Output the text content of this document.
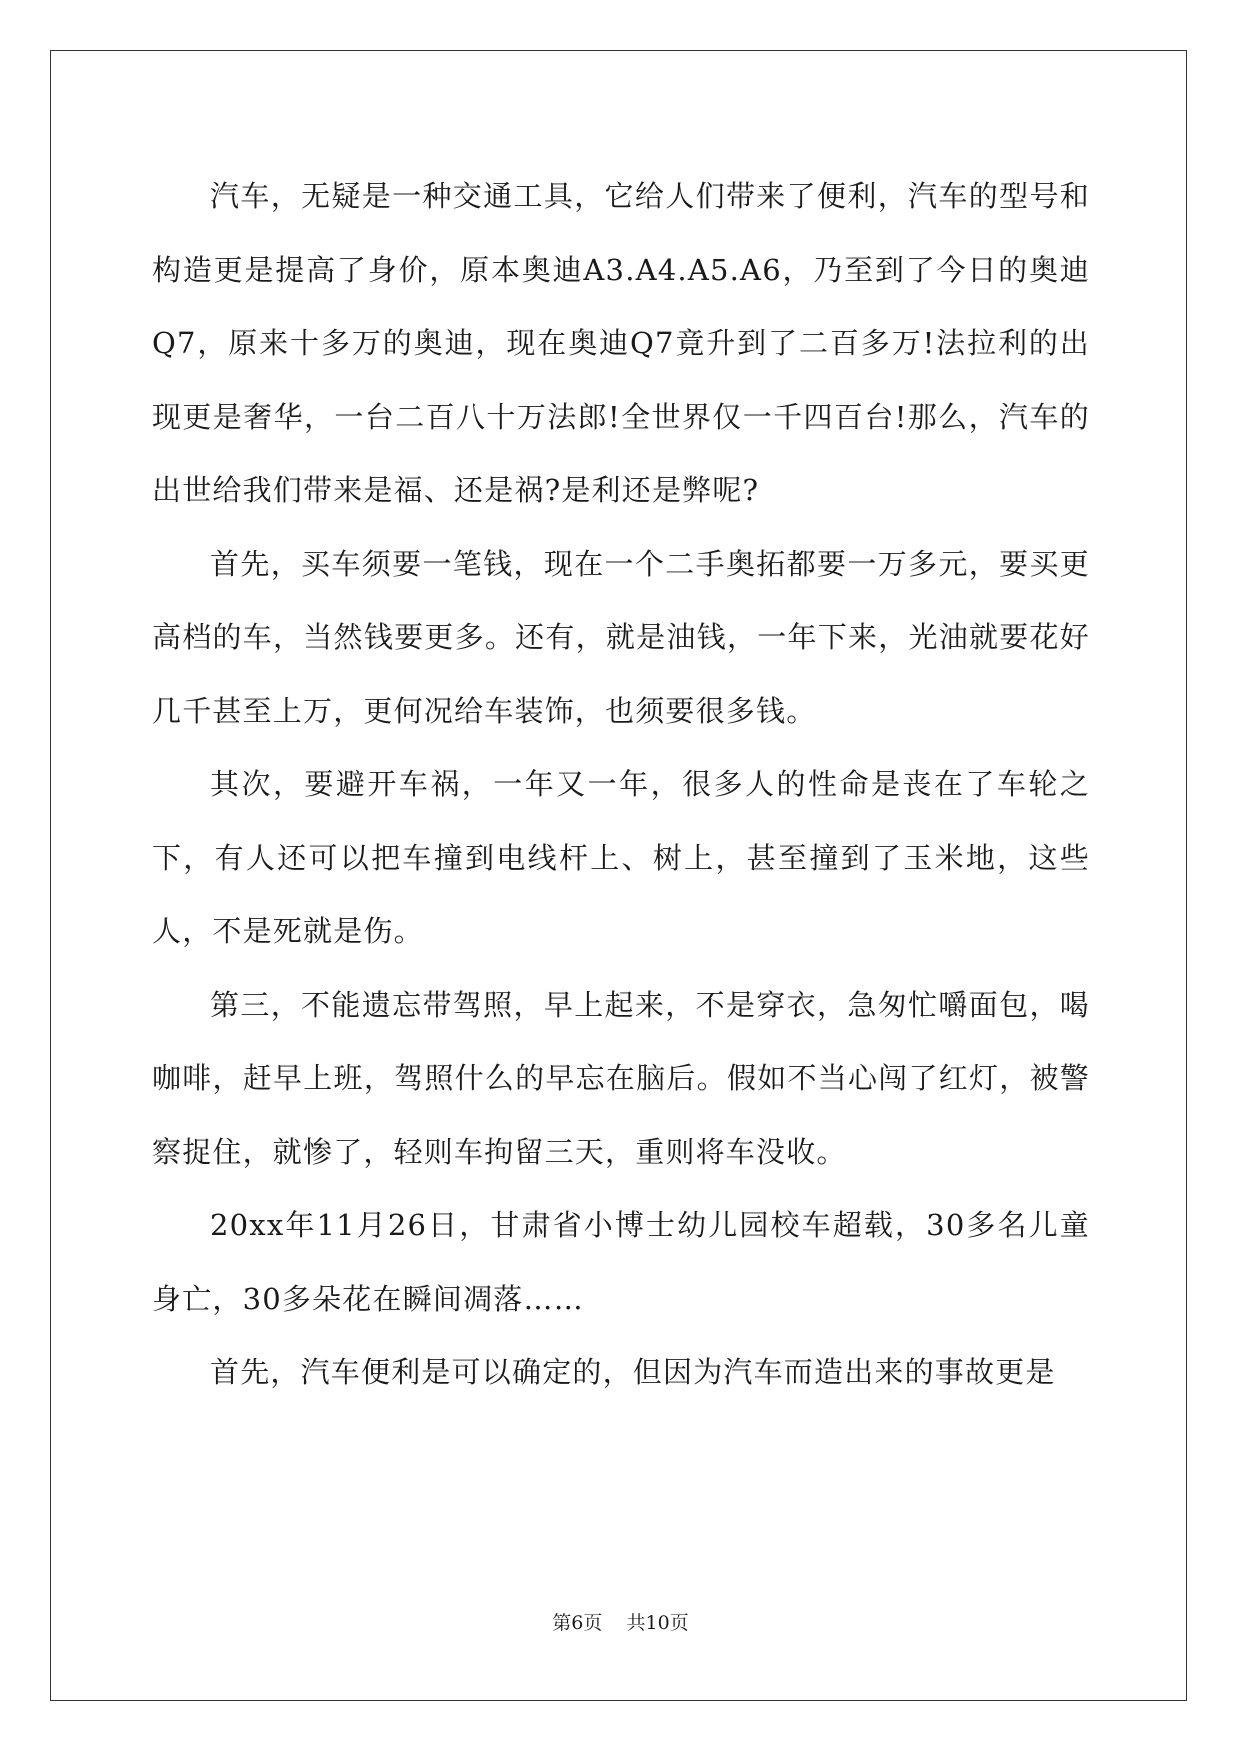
汽车，无疑是一种交通工具，它给人们带来了便利，汽车的型号和构造更是提高了身价，原本奥迪A3.A4.A5.A6，乃至到了今日的奥迪Q7，原来十多万的奥迪，现在奥迪Q7竟升到了二百多万!法拉利的出现更是奢华，一台二百八十万法郎!全世界仅一千四百台!那么，汽车的出世给我们带来是福、还是祸?是利还是弊呢?

首先，买车须要一笔钱，现在一个二手奥拓都要一万多元，要买更高档的车，当然钱要更多。还有，就是油钱，一年下来，光油就要花好几千甚至上万，更何况给车装饰，也须要很多钱。

其次，要避开车祸，一年又一年，很多人的性命是丧在了车轮之下，有人还可以把车撞到电线杆上、树上，甚至撞到了玉米地，这些人，不是死就是伤。

第三，不能遗忘带驾照，早上起来，不是穿衣，急匆忙嚼面包，喝咖啡，赶早上班，驾照什么的早忘在脑后。假如不当心闯了红灯，被警察捉住，就惨了，轻则车拘留三天，重则将车没收。

20xx年11月26日，甘肃省小博士幼儿园校车超载，30多名儿童身亡，30多朵花在瞬间凋落……

首先，汽车便利是可以确定的，但因为汽车而造出来的事故更是

第6页 共10页
